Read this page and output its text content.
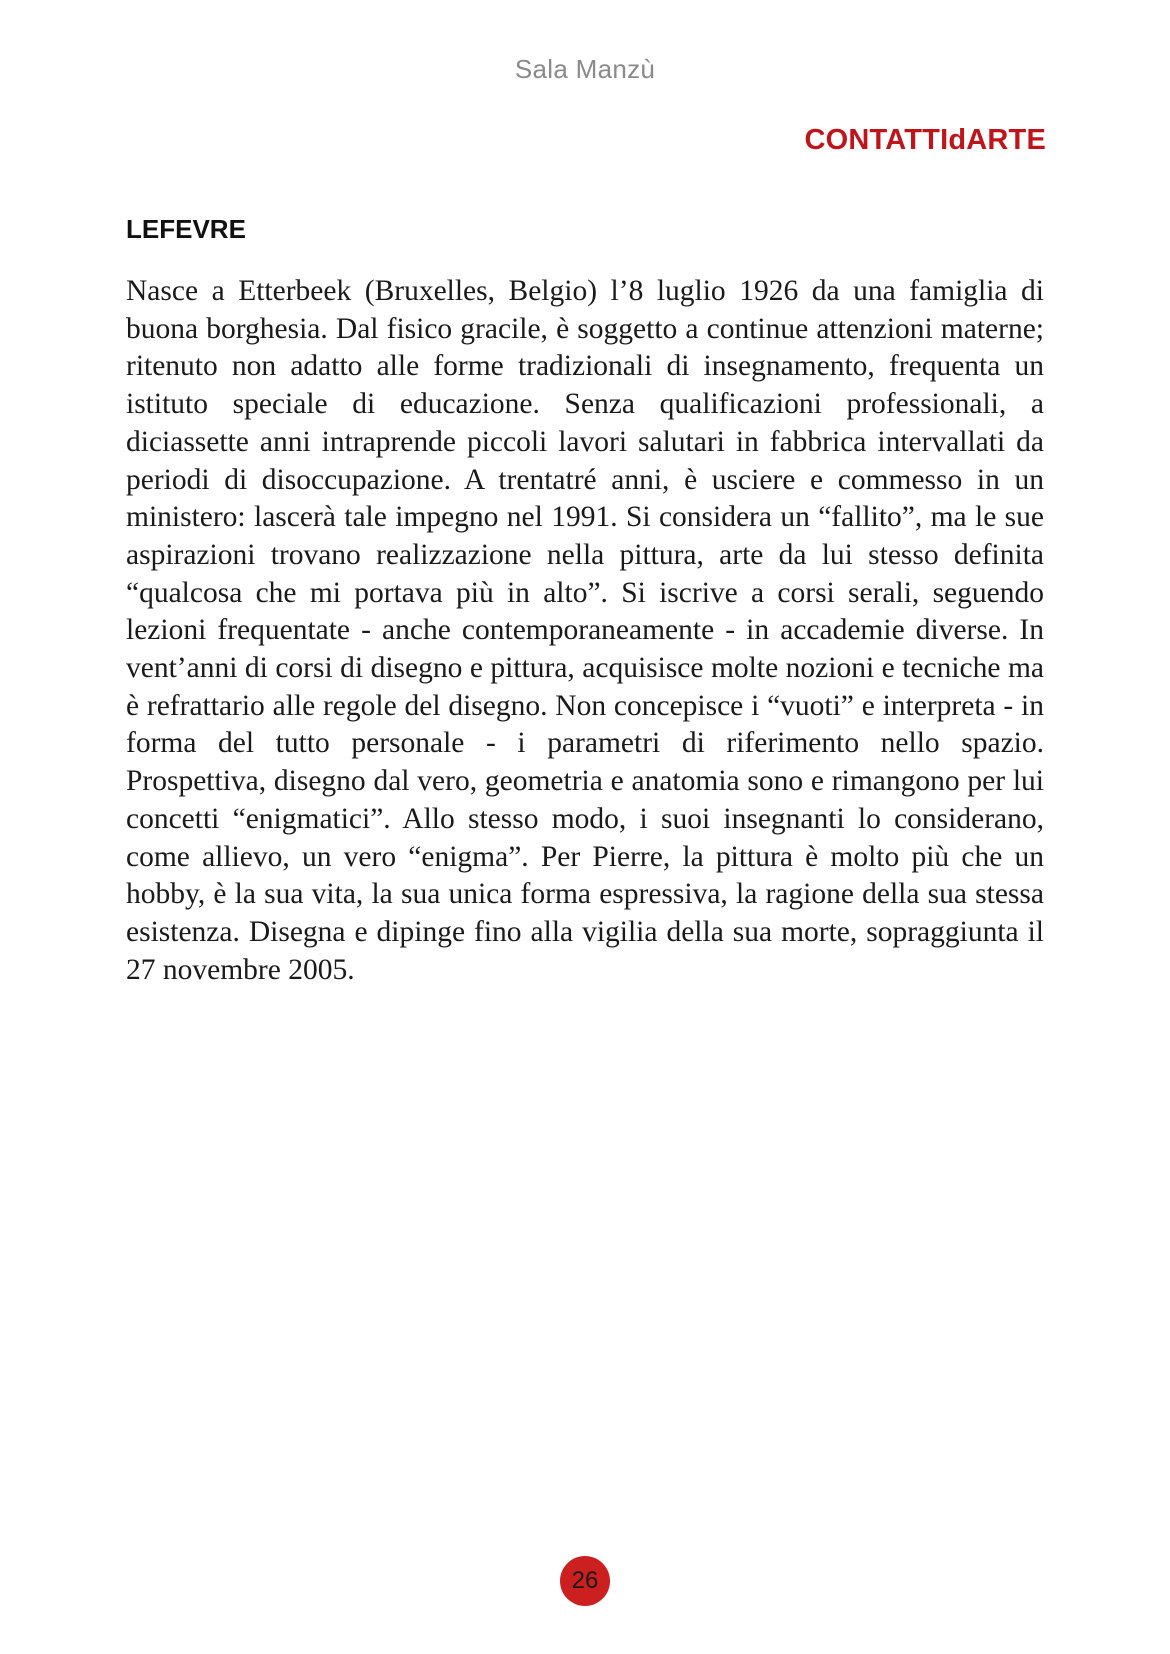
Sala Manzù
CONTATTIdARTE
LEFEVRE

Nasce a Etterbeek (Bruxelles, Belgio) l’8 luglio 1926 da una famiglia di buona borghesia. Dal fisico gracile, è soggetto a continue attenzioni materne; ritenuto non adatto alle forme tradizionali di insegnamento, frequenta un istituto speciale di educazione. Senza qualificazioni professionali, a diciassette anni intraprende piccoli lavori salutari in fabbrica intervallati da periodi di disoccupazione. A trentatré anni, è usciere e commesso in un ministero: lascerà tale impegno nel 1991. Si considera un “fallito”, ma le sue aspirazioni trovano realizzazione nella pittura, arte da lui stesso definita “qualcosa che mi portava più in alto”. Si iscrive a corsi serali, seguendo lezioni frequentate - anche contemporaneamente - in accademie diverse. In vent’anni di corsi di disegno e pittura, acquisisce molte nozioni e tecniche ma è refrattario alle regole del disegno. Non concepisce i “vuoti” e interpreta - in forma del tutto personale - i parametri di riferimento nello spazio. Prospettiva, disegno dal vero, geometria e anatomia sono e rimangono per lui concetti “enigmatici”. Allo stesso modo, i suoi insegnanti lo considerano, come allievo, un vero “enigma”. Per Pierre, la pittura è molto più che un hobby, è la sua vita, la sua unica forma espressiva, la ragione della sua stessa esistenza. Disegna e dipinge fino alla vigilia della sua morte, sopraggiunta il 27 novembre 2005.

26
